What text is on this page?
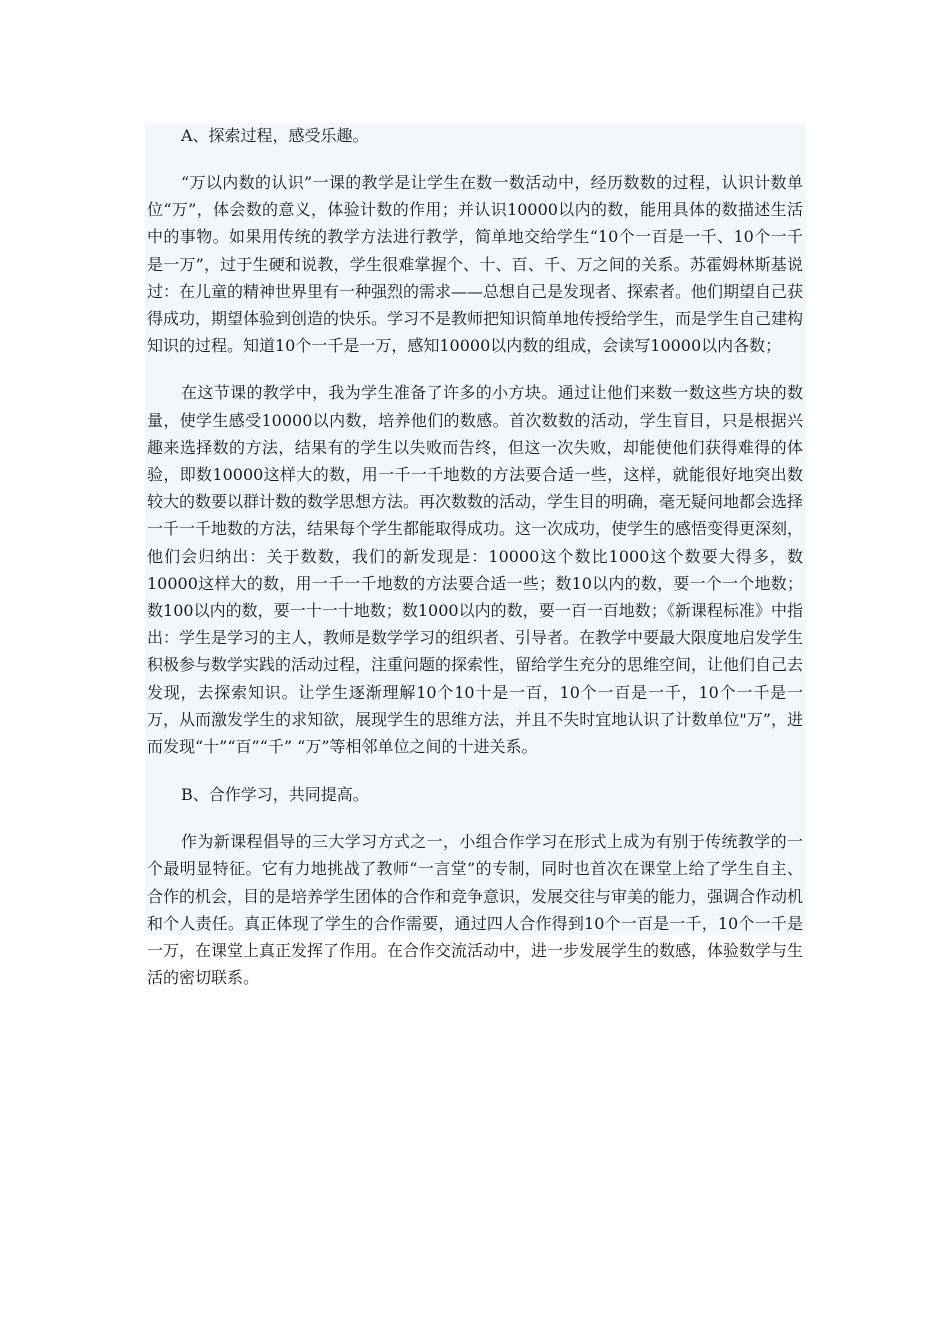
A、探索过程，感受乐趣。

“万以内数的认识”一课的教学是让学生在数一数活动中，经历数数的过程，认识计数单位“万”，体会数的意义，体验计数的作用；并认识10000以内的数，能用具体的数描述生活中的事物。如果用传统的教学方法进行教学，简单地交给学生“10个一百是一千、10个一千是一万”，过于生硬和说教，学生很难掌握个、十、百、千、万之间的关系。苏霍姆林斯基说过：在儿童的精神世界里有一种强烈的需求——总想自己是发现者、探索者。他们期望自己获得成功，期望体验到创造的快乐。学习不是教师把知识简单地传授给学生，而是学生自己建构知识的过程。知道10个一千是一万，感知10000以内数的组成，会读写10000以内各数；

在这节课的教学中，我为学生准备了许多的小方块。通过让他们来数一数这些方块的数量，使学生感受10000以内数，培养他们的数感。首次数数的活动，学生盲目，只是根据兴趣来选择数的方法，结果有的学生以失败而告终，但这一次失败，却能使他们获得难得的体验，即数10000这样大的数，用一千一千地数的方法要合适一些，这样，就能很好地突出数较大的数要以群计数的数学思想方法。再次数数的活动，学生目的明确，毫无疑问地都会选择一千一千地数的方法，结果每个学生都能取得成功。这一次成功，使学生的感悟变得更深刻，他们会归纳出：关于数数，我们的新发现是：10000这个数比1000这个数要大得多，数10000这样大的数，用一千一千地数的方法要合适一些；数10以内的数，要一个一个地数；数100以内的数，要一十一十地数；数1000以内的数，要一百一百地数；《新课程标准》中指出：学生是学习的主人，教师是数学学习的组织者、引导者。在教学中要最大限度地启发学生积极参与数学实践的活动过程，注重问题的探索性，留给学生充分的思维空间，让他们自己去发现，去探索知识。让学生逐渐理解10个10十是一百，10个一百是一千，10个一千是一万，从而激发学生的求知欲，展现学生的思维方法，并且不失时宜地认识了计数单位"万”，进而发现“十”“百”“千” “万”等相邻单位之间的十进关系。

B、合作学习，共同提高。

作为新课程倡导的三大学习方式之一，小组合作学习在形式上成为有别于传统教学的一个最明显特征。它有力地挑战了教师“一言堂”的专制，同时也首次在课堂上给了学生自主、合作的机会，目的是培养学生团体的合作和竞争意识，发展交往与审美的能力，强调合作动机和个人责任。真正体现了学生的合作需要，通过四人合作得到10个一百是一千，10个一千是一万，在课堂上真正发挥了作用。在合作交流活动中，进一步发展学生的数感，体验数学与生活的密切联系。
